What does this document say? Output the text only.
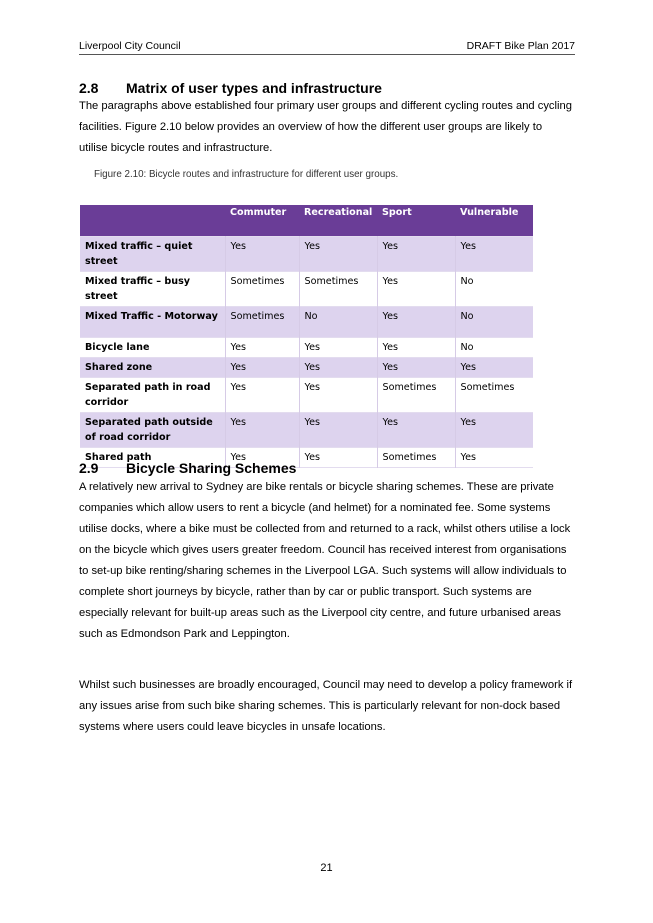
Liverpool City Council	DRAFT Bike Plan 2017
2.8 Matrix of user types and infrastructure

The paragraphs above established four primary user groups and different cycling routes and cycling facilities. Figure 2.10 below provides an overview of how the different user groups are likely to utilise bicycle routes and infrastructure.

Figure 2.10: Bicycle routes and infrastructure for different user groups.
	Commuter	Recreational	Sport	Vulnerable
Mixed traffic – quiet street	Yes	Yes	Yes	Yes
Mixed traffic – busy street	Sometimes	Sometimes	Yes	No
Mixed Traffic - Motorway	Sometimes	No	Yes	No
Bicycle lane	Yes	Yes	Yes	No
Shared zone	Yes	Yes	Yes	Yes
Separated path in road corridor	Yes	Yes	Sometimes	Sometimes
Separated path outside of road corridor	Yes	Yes	Yes	Yes
Shared path	Yes	Yes	Sometimes	Yes
2.9 Bicycle Sharing Schemes

A relatively new arrival to Sydney are bike rentals or bicycle sharing schemes. These are private companies which allow users to rent a bicycle (and helmet) for a nominated fee. Some systems utilise docks, where a bike must be collected from and returned to a rack, whilst others utilise a lock on the bicycle which gives users greater freedom. Council has received interest from organisations to set-up bike renting/sharing schemes in the Liverpool LGA. Such systems will allow individuals to complete short journeys by bicycle, rather than by car or public transport. Such systems are especially relevant for built-up areas such as the Liverpool city centre, and future urbanised areas such as Edmondson Park and Leppington.

Whilst such businesses are broadly encouraged, Council may need to develop a policy framework if any issues arise from such bike sharing schemes. This is particularly relevant for non-dock based systems where users could leave bicycles in unsafe locations.

21
